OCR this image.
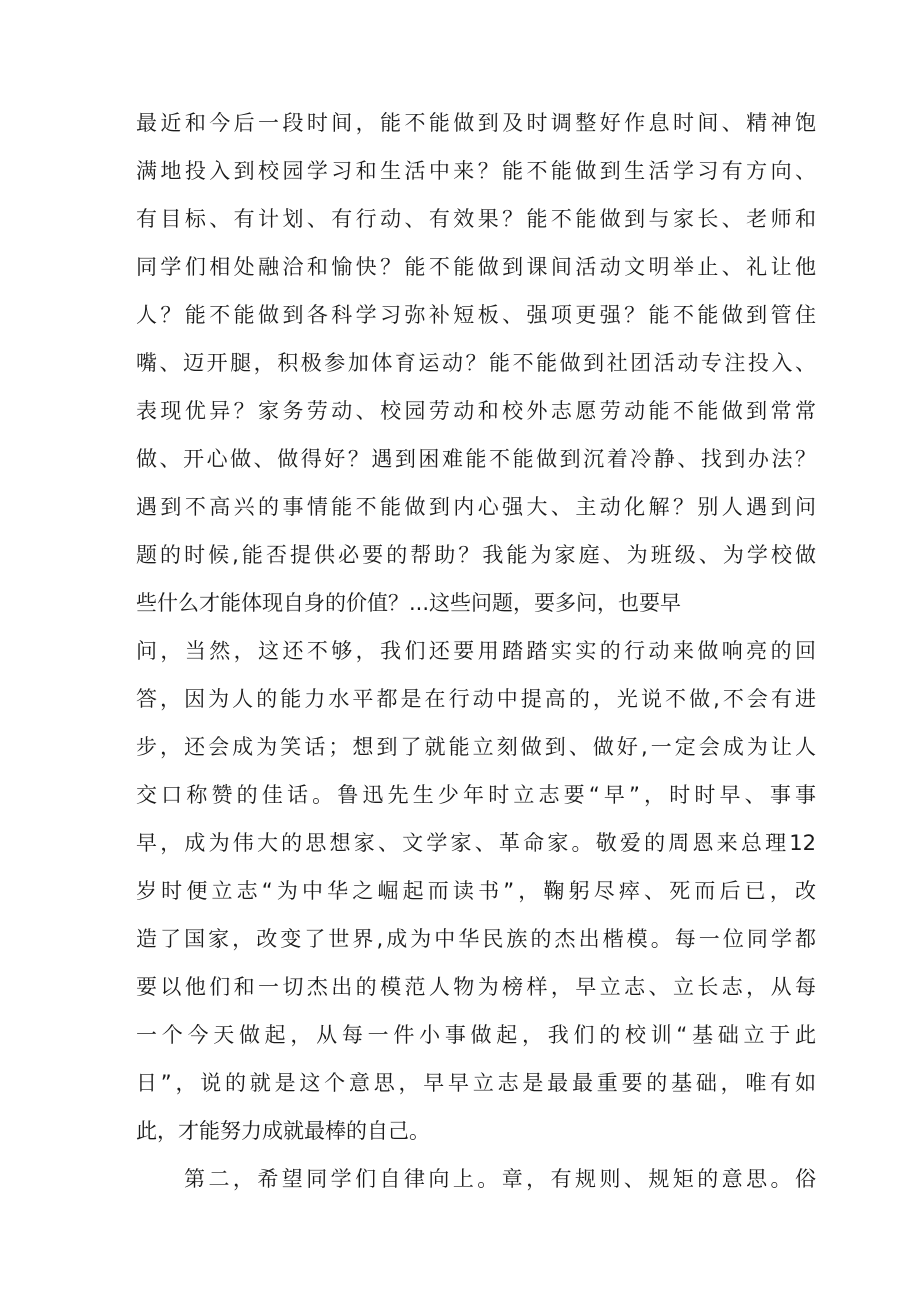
最近和今后一段时间，能不能做到及时调整好作息时间、精神饱

满地投入到校园学习和生活中来？能不能做到生活学习有方向、

有目标、有计划、有行动、有效果？能不能做到与家长、老师和

同学们相处融洽和愉快？能不能做到课间活动文明举止、礼让他

人？能不能做到各科学习弥补短板、强项更强？能不能做到管住

嘴、迈开腿，积极参加体育运动？能不能做到社团活动专注投入、

表现优异？家务劳动、校园劳动和校外志愿劳动能不能做到常常

做、开心做、做得好？遇到困难能不能做到沉着冷静、找到办法？

遇到不高兴的事情能不能做到内心强大、主动化解？别人遇到问

题的时候,能否提供必要的帮助？我能为家庭、为班级、为学校做

些什么才能体现自身的价值？...这些问题，要多问，也要早

问，当然，这还不够，我们还要用踏踏实实的行动来做响亮的回

答，因为人的能力水平都是在行动中提高的，光说不做,不会有进

步，还会成为笑话；想到了就能立刻做到、做好,一定会成为让人

交口称赞的佳话。鲁迅先生少年时立志要“早”，时时早、事事

早，成为伟大的思想家、文学家、革命家。敬爱的周恩来总理12

岁时便立志“为中华之崛起而读书”，鞠躬尽瘁、死而后已，改

造了国家，改变了世界,成为中华民族的杰出楷模。每一位同学都

要以他们和一切杰出的模范人物为榜样，早立志、立长志，从每

一个今天做起，从每一件小事做起，我们的校训“基础立于此

日”，说的就是这个意思，早早立志是最最重要的基础，唯有如

此，才能努力成就最棒的自己。

第二，希望同学们自律向上。章，有规则、规矩的意思。俗
